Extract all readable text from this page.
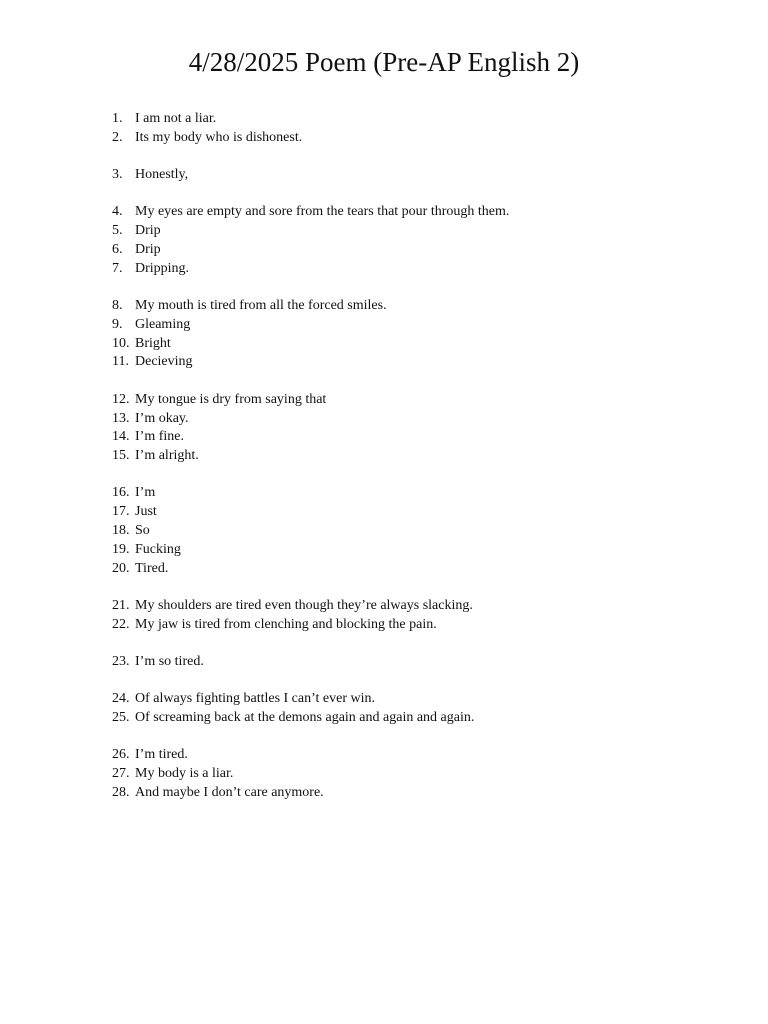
4/28/2025 Poem (Pre-AP English 2)
1. I am not a liar.
2. Its my body who is dishonest.
3. Honestly,
4. My eyes are empty and sore from the tears that pour through them.
5. Drip
6. Drip
7. Dripping.
8. My mouth is tired from all the forced smiles.
9. Gleaming
10. Bright
11. Decieving
12. My tongue is dry from saying that
13. I’m okay.
14. I’m fine.
15. I’m alright.
16. I’m
17. Just
18. So
19. Fucking
20. Tired.
21. My shoulders are tired even though they’re always slacking.
22. My jaw is tired from clenching and blocking the pain.
23. I’m so tired.
24. Of always fighting battles I can’t ever win.
25. Of screaming back at the demons again and again and again.
26. I’m tired.
27. My body is a liar.
28. And maybe I don’t care anymore.
